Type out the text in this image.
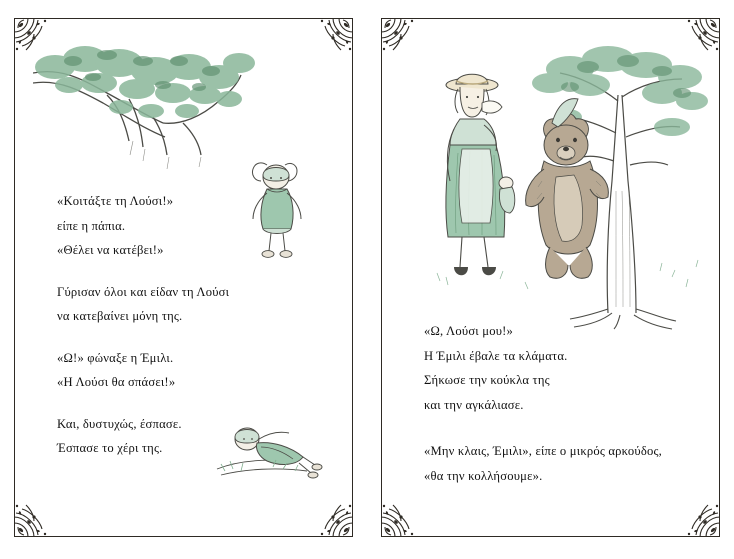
«Κοιτάξτε τη Λούσι!»

είπε η πάπια.

«Θέλει να κατέβει!»

Γύρισαν όλοι και είδαν τη Λούσι

να κατεβαίνει μόνη της.

«Ω!» φώναξε η Έμιλι.

«Η Λούσι θα σπάσει!»

Και, δυστυχώς, έσπασε.

Έσπασε το χέρι της.

«Ω, Λούσι μου!»

Η Έμιλι έβαλε τα κλάματα.

Σήκωσε την κούκλα της

και την αγκάλιασε.

«Μην κλαις, Έμιλι», είπε ο μικρός αρκούδος,

«θα την κολλήσουμε».
